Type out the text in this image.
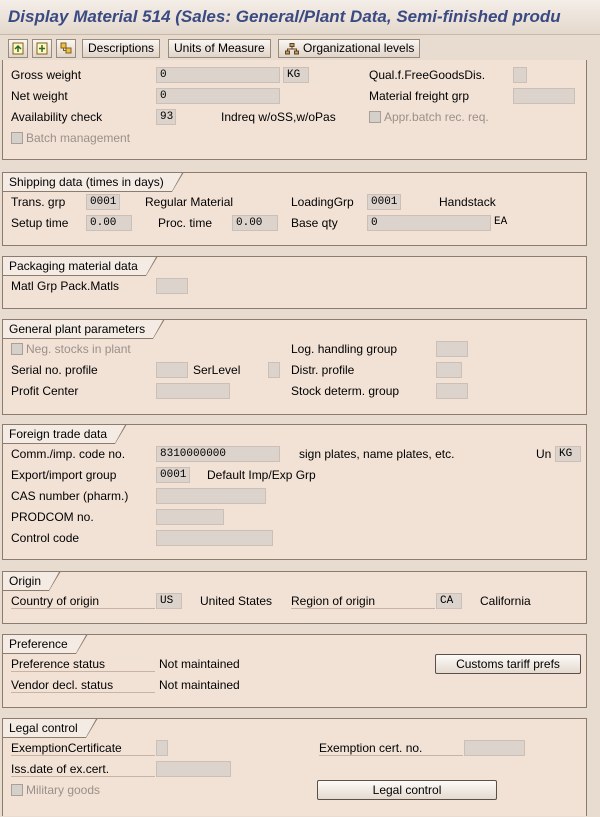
Display Material 514 (Sales: General/Plant Data, Semi-finished produ
Descriptions	Units of Measure	Organizational levels
Gross weight	0	KG	Qual.f.FreeGoodsDis.
Net weight	0	Material freight grp
Availability check	93	Indreq w/oSS,w/oPas	Appr.batch rec. req.
Batch management
Shipping data (times in days)
Trans. grp	0001 Regular Material	LoadingGrp	0001	Handstack
Setup time	0.00	Proc. time	0.00	Base qty	0	EA
Packaging material data
Matl Grp Pack.Matls
General plant parameters
Neg. stocks in plant	Log. handling group
Serial no. profile	SerLevel	Distr. profile
Profit Center	Stock determ. group
Foreign trade data
Comm./imp. code no.	8310000000	sign plates, name plates, etc.	Un KG
Export/import group	0001 Default Imp/Exp Grp
CAS number (pharm.)
PRODCOM no.
Control code
Origin
Country of origin	US	United States Region of origin	CA	California
Preference
Preference status	Not maintained	Customs tariff prefs
Vendor decl. status	Not maintained
Legal control
ExemptionCertificate	Exemption cert. no.
Iss.date of ex.cert.
Military goods	Legal control
